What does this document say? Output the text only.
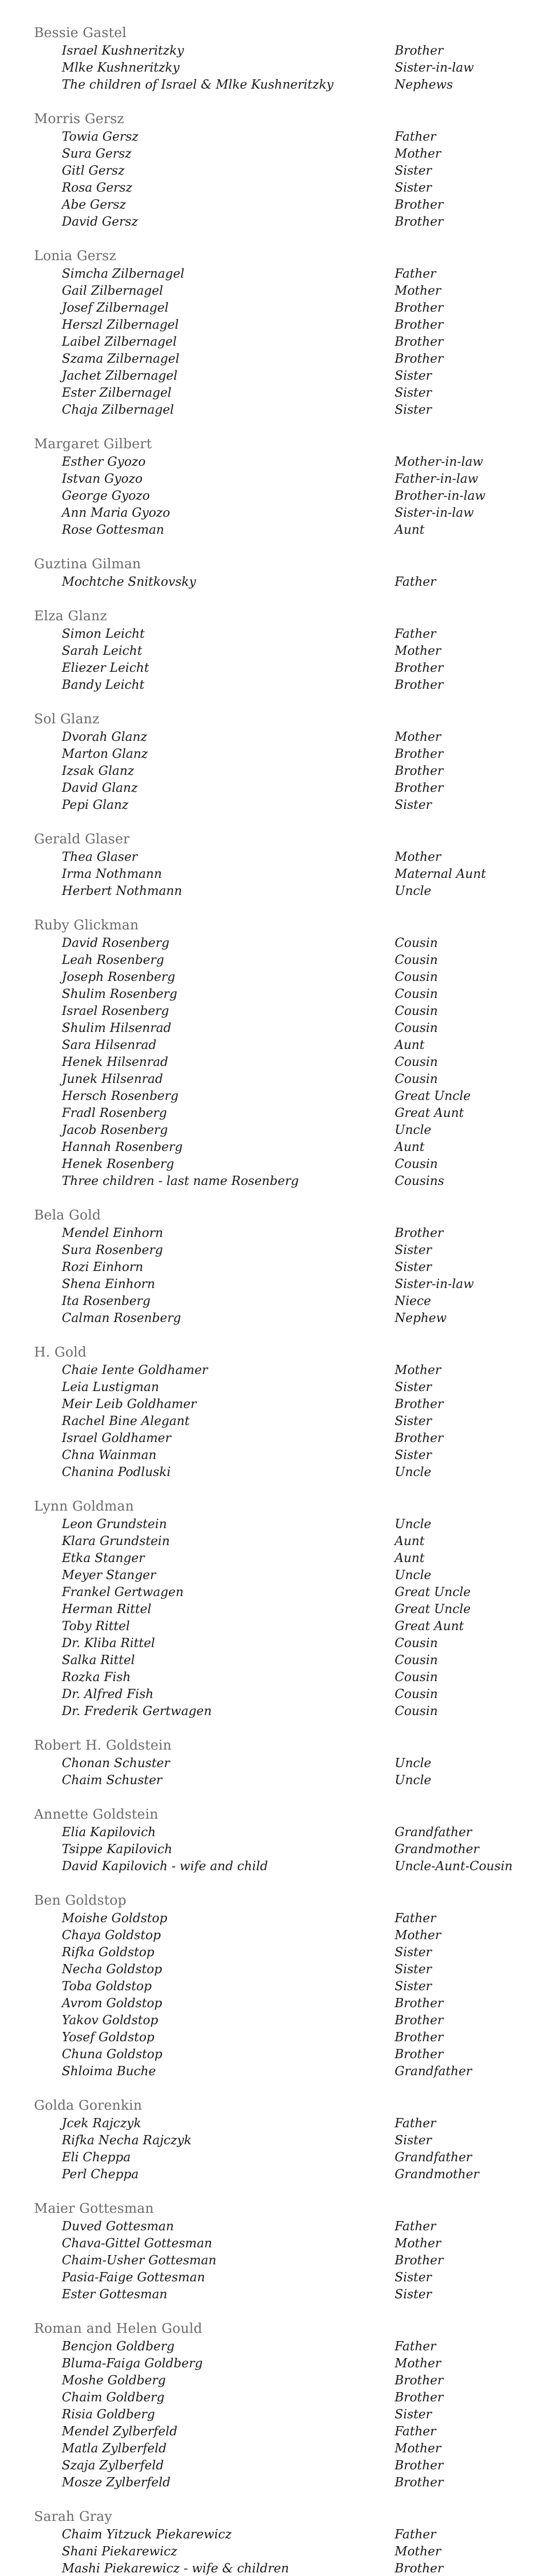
Bessie Gastel
Israel Kushneritzky	Brother
Mlke Kushneritzky	Sister-in-law
The children of Israel & Mlke Kushneritzky	Nephews
Morris Gersz
Towia Gersz	Father
Sura Gersz	Mother
Gitl Gersz	Sister
Rosa Gersz	Sister
Abe Gersz	Brother
David Gersz	Brother
Lonia Gersz
Simcha Zilbernagel	Father
Gail Zilbernagel	Mother
Josef Zilbernagel	Brother
Herszl Zilbernagel	Brother
Laibel Zilbernagel	Brother
Szama Zilbernagel	Brother
Jachet Zilbernagel	Sister
Ester Zilbernagel	Sister
Chaja Zilbernagel	Sister
Margaret Gilbert
Esther Gyozo	Mother-in-law
Istvan Gyozo	Father-in-law
George Gyozo	Brother-in-law
Ann Maria Gyozo	Sister-in-law
Rose Gottesman	Aunt
Guztina Gilman
Mochtche Snitkovsky	Father
Elza Glanz
Simon Leicht	Father
Sarah Leicht	Mother
Eliezer Leicht	Brother
Bandy Leicht	Brother
Sol Glanz
Dvorah Glanz	Mother
Marton Glanz	Brother
Izsak Glanz	Brother
David Glanz	Brother
Pepi Glanz	Sister
Gerald Glaser
Thea Glaser	Mother
Irma Nothmann	Maternal Aunt
Herbert Nothmann	Uncle
Ruby Glickman
David Rosenberg	Cousin
Leah Rosenberg	Cousin
Joseph Rosenberg	Cousin
Shulim Rosenberg	Cousin
Israel Rosenberg	Cousin
Shulim Hilsenrad	Cousin
Sara Hilsenrad	Aunt
Henek Hilsenrad	Cousin
Junek Hilsenrad	Cousin
Hersch Rosenberg	Great Uncle
Fradl Rosenberg	Great Aunt
Jacob Rosenberg	Uncle
Hannah Rosenberg	Aunt
Henek Rosenberg	Cousin
Three children - last name Rosenberg	Cousins
Bela Gold
Mendel Einhorn	Brother
Sura Rosenberg	Sister
Rozi Einhorn	Sister
Shena Einhorn	Sister-in-law
Ita Rosenberg	Niece
Calman Rosenberg	Nephew
H. Gold
Chaie Iente Goldhamer	Mother
Leia Lustigman	Sister
Meir Leib Goldhamer	Brother
Rachel Bine Alegant	Sister
Israel Goldhamer	Brother
Chna Wainman	Sister
Chanina Podluski	Uncle
Lynn Goldman
Leon Grundstein	Uncle
Klara Grundstein	Aunt
Etka Stanger	Aunt
Meyer Stanger	Uncle
Frankel Gertwagen	Great Uncle
Herman Rittel	Great Uncle
Toby Rittel	Great Aunt
Dr. Kliba Rittel	Cousin
Salka Rittel	Cousin
Rozka Fish	Cousin
Dr. Alfred Fish	Cousin
Dr. Frederik Gertwagen	Cousin
Robert H. Goldstein
Chonan Schuster	Uncle
Chaim Schuster	Uncle
Annette Goldstein
Elia Kapilovich	Grandfather
Tsippe Kapilovich	Grandmother
David Kapilovich - wife and child	Uncle-Aunt-Cousin
Ben Goldstop
Moishe Goldstop	Father
Chaya Goldstop	Mother
Rifka Goldstop	Sister
Necha Goldstop	Sister
Toba Goldstop	Sister
Avrom Goldstop	Brother
Yakov Goldstop	Brother
Yosef Goldstop	Brother
Chuna Goldstop	Brother
Shloima Buche	Grandfather
Golda Gorenkin
Jcek Rajczyk	Father
Rifka Necha Rajczyk	Sister
Eli Cheppa	Grandfather
Perl Cheppa	Grandmother
Maier Gottesman
Duved Gottesman	Father
Chava-Gittel Gottesman	Mother
Chaim-Usher Gottesman	Brother
Pasia-Faige Gottesman	Sister
Ester Gottesman	Sister
Roman and Helen Gould
Bencjon Goldberg	Father
Bluma-Faiga Goldberg	Mother
Moshe Goldberg	Brother
Chaim Goldberg	Brother
Risia Goldberg	Sister
Mendel Zylberfeld	Father
Matla Zylberfeld	Mother
Szaja Zylberfeld	Brother
Mosze Zylberfeld	Brother
Sarah Gray
Chaim Yitzuck Piekarewicz	Father
Shani Piekarewicz	Mother
Mashi Piekarewicz - wife & children	Brother
